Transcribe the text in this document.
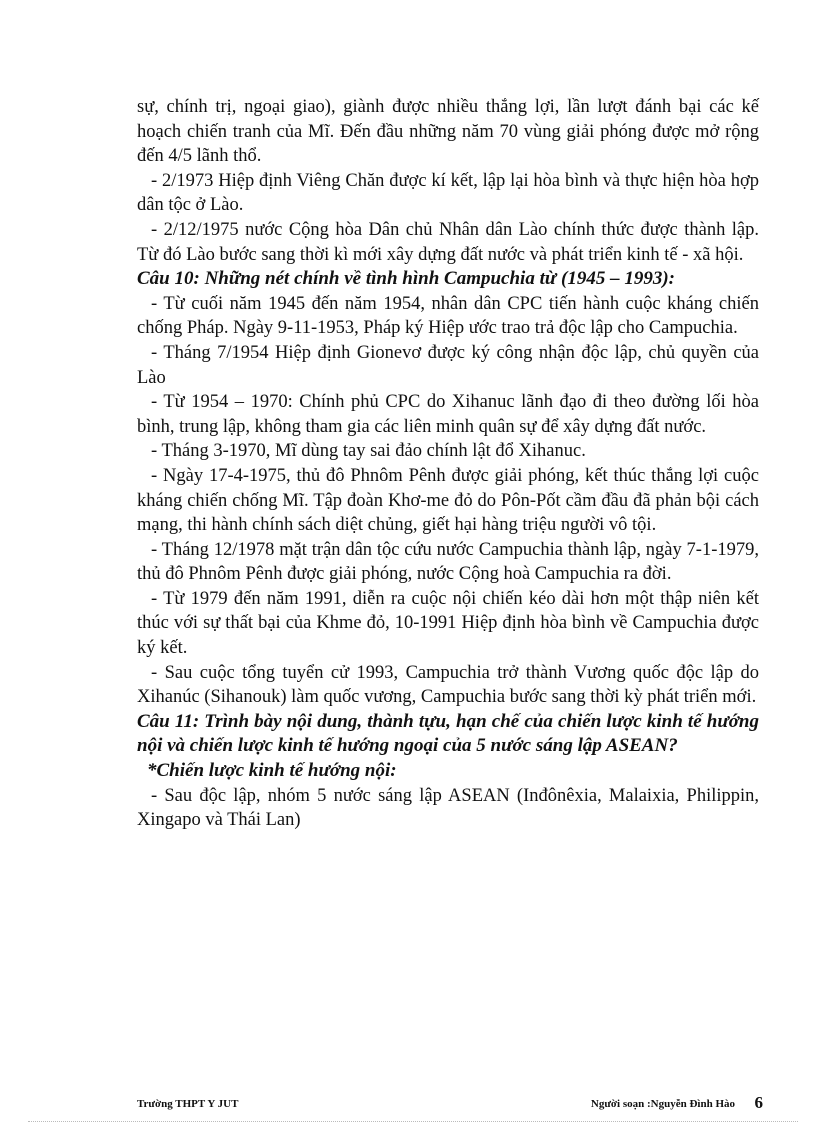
sự, chính trị, ngoại giao), giành được nhiều thắng lợi, lần lượt đánh bại các kế hoạch chiến tranh của Mĩ. Đến đầu những năm 70 vùng giải phóng được mở rộng đến 4/5 lãnh thổ.

- 2/1973 Hiệp định Viêng Chăn được kí kết, lập lại hòa bình và thực hiện hòa hợp dân tộc ở Lào.

- 2/12/1975 nước Cộng hòa Dân chủ Nhân dân Lào chính thức được thành lập. Từ đó Lào bước sang thời kì mới xây dựng đất nước và phát triển kinh tế - xã hội.

Câu 10: Những nét chính về tình hình Campuchia từ (1945 – 1993):

- Từ cuối năm 1945 đến năm 1954, nhân dân CPC tiến hành cuộc kháng chiến chống Pháp. Ngày 9-11-1953, Pháp ký Hiệp ước trao trả độc lập cho Campuchia.

- Tháng 7/1954 Hiệp định Gionevơ được ký công nhận độc lập, chủ quyền của Lào

- Từ 1954 – 1970: Chính phủ CPC do Xihanuc lãnh đạo đi theo đường lối hòa bình, trung lập, không tham gia các liên minh quân sự để xây dựng đất nước.

- Tháng 3-1970, Mĩ dùng tay sai đảo chính lật đổ Xihanuc.

- Ngày 17-4-1975, thủ đô Phnôm Pênh được giải phóng, kết thúc thắng lợi cuộc kháng chiến chống Mĩ. Tập đoàn Khơ-me đỏ do Pôn-Pốt cầm đầu đã phản bội cách mạng, thi hành chính sách diệt chủng, giết hại hàng triệu người vô tội.

- Tháng 12/1978 mặt trận dân tộc cứu nước Campuchia thành lập, ngày 7-1-1979, thủ đô Phnôm Pênh được giải phóng, nước Cộng hoà Campuchia ra đời.

- Từ 1979 đến năm 1991, diễn ra cuộc nội chiến kéo dài hơn một thập niên kết thúc với sự thất bại của Khme đỏ, 10-1991 Hiệp định hòa bình về Campuchia được ký kết.

- Sau cuộc tổng tuyển cử 1993, Campuchia trở thành Vương quốc độc lập do Xihanúc (Sihanouk) làm quốc vương, Campuchia bước sang thời kỳ phát triển mới.

Câu 11: Trình bày nội dung, thành tựu, hạn chế của chiến lược kinh tế hướng nội và chiến lược kinh tế hướng ngoại của 5 nước sáng lập ASEAN?

*Chiến lược kinh tế hướng nội:

- Sau độc lập, nhóm 5 nước sáng lập ASEAN (Inđônêxia, Malaixia, Philippin, Xingapo và Thái Lan)

Trường THPT Y JUT	Người soạn :Nguyễn Đình Hào 6
